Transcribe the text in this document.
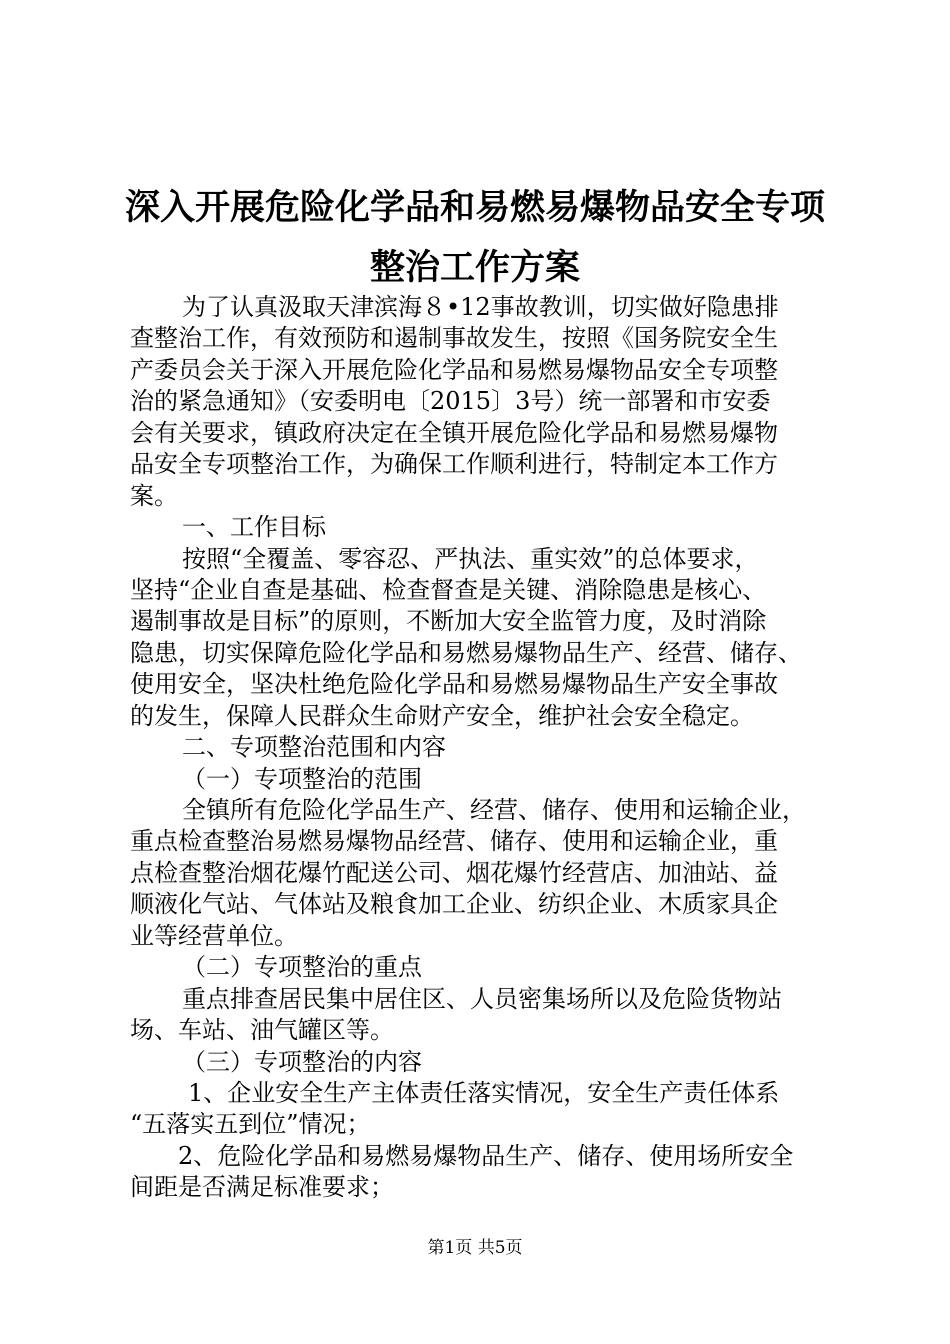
深入开展危险化学品和易燃易爆物品安全专项
整治工作方案
为了认真汲取天津滨海８•12事故教训，切实做好隐患排
查整治工作，有效预防和遏制事故发生，按照《国务院安全生
产委员会关于深入开展危险化学品和易燃易爆物品安全专项整
治的紧急通知》（安委明电〔2015〕3号）统一部署和市安委
会有关要求，镇政府决定在全镇开展危险化学品和易燃易爆物
品安全专项整治工作，为确保工作顺利进行，特制定本工作方
案。
一、工作目标
按照“全覆盖、零容忍、严执法、重实效”的总体要求，
坚持“企业自查是基础、检查督查是关键、消除隐患是核心、
遏制事故是目标”的原则，不断加大安全监管力度，及时消除
隐患，切实保障危险化学品和易燃易爆物品生产、经营、储存、
使用安全，坚决杜绝危险化学品和易燃易爆物品生产安全事故
的发生，保障人民群众生命财产安全，维护社会安全稳定。
二、专项整治范围和内容
（一）专项整治的范围
全镇所有危险化学品生产、经营、储存、使用和运输企业，
重点检查整治易燃易爆物品经营、储存、使用和运输企业，重
点检查整治烟花爆竹配送公司、烟花爆竹经营店、加油站、益
顺液化气站、气体站及粮食加工企业、纺织企业、木质家具企
业等经营单位。
（二）专项整治的重点
重点排查居民集中居住区、人员密集场所以及危险货物站
场、车站、油气罐区等。
（三）专项整治的内容
1、企业安全生产主体责任落实情况，安全生产责任体系
“五落实五到位”情况；
2、危险化学品和易燃易爆物品生产、储存、使用场所安全
间距是否满足标准要求；
第1页 共5页
